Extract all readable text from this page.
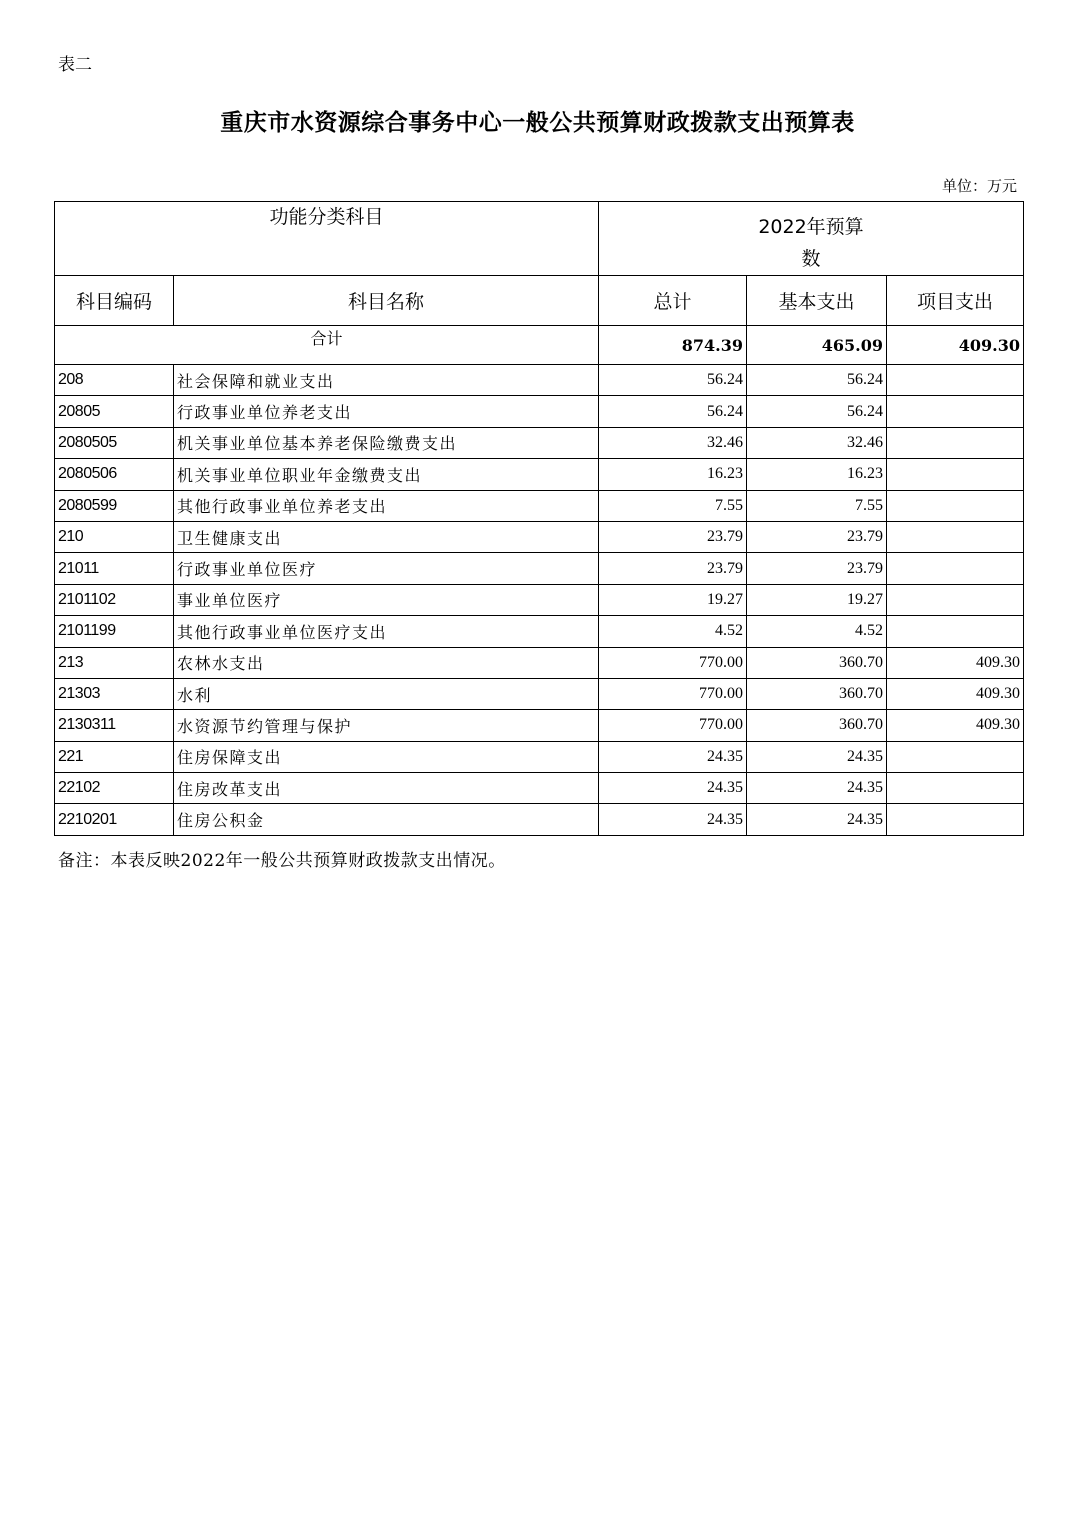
表二
重庆市水资源综合事务中心一般公共预算财政拨款支出预算表
单位：万元
功能分类科目		2022年预算
数		

科目编码	科目名称	总计	基本支出	项目支出
合计		874.39	465.09	409.30
208	社会保障和就业支出	56.24	56.24	
20805	行政事业单位养老支出	56.24	56.24	
2080505	机关事业单位基本养老保险缴费支出	32.46	32.46	
2080506	机关事业单位职业年金缴费支出	16.23	16.23	
2080599	其他行政事业单位养老支出	7.55	7.55	
210	卫生健康支出	23.79	23.79	
21011	行政事业单位医疗	23.79	23.79	
2101102	事业单位医疗	19.27	19.27	
2101199	其他行政事业单位医疗支出	4.52	4.52	
213	农林水支出	770.00	360.70	409.30
21303	水利	770.00	360.70	409.30
2130311	水资源节约管理与保护	770.00	360.70	409.30
221	住房保障支出	24.35	24.35	
22102	住房改革支出	24.35	24.35	
2210201	住房公积金	24.35	24.35	
备注：本表反映2022年一般公共预算财政拨款支出情况。
